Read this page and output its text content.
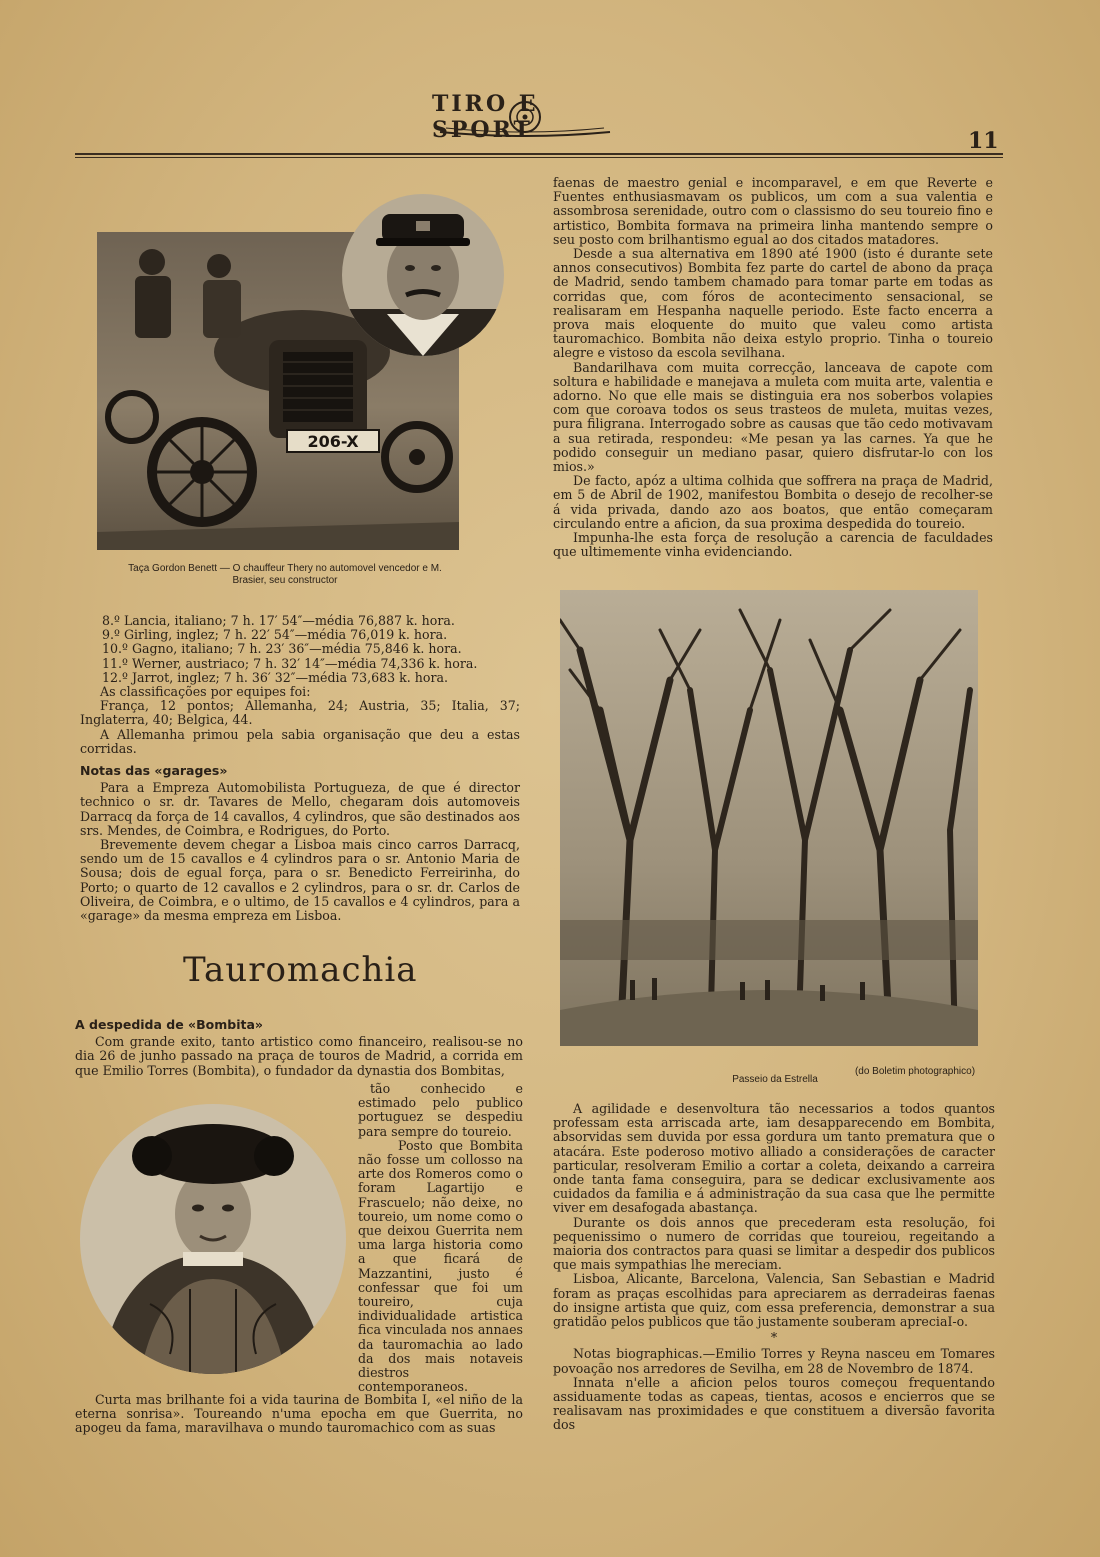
TIRO E SPORT	11
206-X
Taça Gordon Benett — O chauffeur Thery no automovel vencedor e M. Brasier, seu constructor

8.º Lancia, italiano; 7 h. 17′ 54″—média 76,887 k. hora.

9.º Girling, inglez; 7 h. 22′ 54″—média 76,019 k. hora.

10.º Gagno, italiano; 7 h. 23′ 36″—média 75,846 k. hora.

11.º Werner, austriaco; 7 h. 32′ 14″—média 74,336 k. hora.

12.º Jarrot, inglez; 7 h. 36′ 32″—média 73,683 k. hora.

As classificações por equipes foi:

França, 12 pontos; Allemanha, 24; Austria, 35; Italia, 37; Inglaterra, 40; Belgica, 44.

A Allemanha primou pela sabia organisação que deu a estas corridas.

Notas das «garages»

Para a Empreza Automobilista Portugueza, de que é director technico o sr. dr. Tavares de Mello, chegaram dois automoveis Darracq da força de 14 cavallos, 4 cylindros, que são destinados aos srs. Mendes, de Coimbra, e Rodrigues, do Porto.

Brevemente devem chegar a Lisboa mais cinco carros Darracq, sendo um de 15 cavallos e 4 cylindros para o sr. Antonio Maria de Sousa; dois de egual força, para o sr. Benedicto Ferreirinha, do Porto; o quarto de 12 cavallos e 2 cylindros, para o sr. dr. Carlos de Oliveira, de Coimbra, e o ultimo, de 15 cavallos e 4 cylindros, para a «garage» da mesma empreza em Lisboa.

Tauromachia
A despedida de «Bombita»

Com grande exito, tanto artistico como financeiro, realisou-se no dia 26 de junho passado na praça de touros de Madrid, a corrida em que Emilio Torres (Bombita), o fundador da dynastia dos Bombitas,

tão conhecido e estimado pelo publico portuguez se despediu para sempre do toureio.

Posto que Bombita não fosse um collosso na arte dos Romeros como o foram Lagartijo e Frascuelo; não deixe, no toureio, um nome como o que deixou Guerrita nem uma larga historia como a que ficará de Mazzantini, justo é confessar que foi um toureiro, cuja individualidade artistica fica vinculada nos annaes da tauromachia ao lado da dos mais notaveis diestros contemporaneos.

Curta mas brilhante foi a vida taurina de Bombita I, «el niño de la eterna sonrisa». Toureando n'uma epocha em que Guerrita, no apogeu da fama, maravilhava o mundo tauromachico com as suas

faenas de maestro genial e incomparavel, e em que Reverte e Fuentes enthusiasmavam os publicos, um com a sua valentia e assombrosa serenidade, outro com o classismo do seu toureio fino e artistico, Bombita formava na primeira linha mantendo sempre o seu posto com brilhantismo egual ao dos citados matadores.

Desde a sua alternativa em 1890 até 1900 (isto é durante sete annos consecutivos) Bombita fez parte do cartel de abono da praça de Madrid, sendo tambem chamado para tomar parte em todas as corridas que, com fóros de acontecimento sensacional, se realisaram em Hespanha naquelle periodo. Este facto encerra a prova mais eloquente do muito que valeu como artista tauromachico. Bombita não deixa estylo proprio. Tinha o toureio alegre e vistoso da escola sevilhana.

Bandarilhava com muita correcção, lanceava de capote com soltura e habilidade e manejava a muleta com muita arte, valentia e adorno. No que elle mais se distinguia era nos soberbos volapies com que coroava todos os seus trasteos de muleta, muitas vezes, pura filigrana. Interrogado sobre as causas que tão cedo motivavam a sua retirada, respondeu: «Me pesan ya las carnes. Ya que he podido conseguir un mediano pasar, quiero disfrutar-lo con los mios.»

De facto, apóz a ultima colhida que soffrera na praça de Madrid, em 5 de Abril de 1902, manifestou Bombita o desejo de recolher-se á vida privada, dando azo aos boatos, que então começaram circulando entre a aficion, da sua proxima despedida do toureio.

Impunha-lhe esta força de resolução a carencia de faculdades que ultimemente vinha evidenciando.

Passeio da Estrella
(do Boletim photographico)

A agilidade e desenvoltura tão necessarios a todos quantos professam esta arriscada arte, iam desapparecendo em Bombita, absorvidas sem duvida por essa gordura um tanto prematura que o atacára. Este poderoso motivo alliado a considerações de caracter particular, resolveram Emilio a cortar a coleta, deixando a carreira onde tanta fama conseguira, para se dedicar exclusivamente aos cuidados da familia e á administração da sua casa que lhe permitte viver em desafogada abastança.

Durante os dois annos que precederam esta resolução, foi pequenissimo o numero de corridas que toureiou, regeitando a maioria dos contractos para quasi se limitar a despedir dos publicos que mais sympathias lhe mereciam.

Lisboa, Alicante, Barcelona, Valencia, San Sebastian e Madrid foram as praças escolhidas para apreciarem as derradeiras faenas do insigne artista que quiz, com essa preferencia, demonstrar a sua gratidão pelos publicos que tão justamente souberam apreciaI-o.

*

Notas biographicas.—Emilio Torres y Reyna nasceu em Tomares povoação nos arredores de Sevilha, em 28 de Novembro de 1874.

Innata n'elle a aficion pelos touros começou frequentando assiduamente todas as capeas, tientas, acosos e encierros que se realisavam nas proximidades e que constituem a diversão favorita dos
